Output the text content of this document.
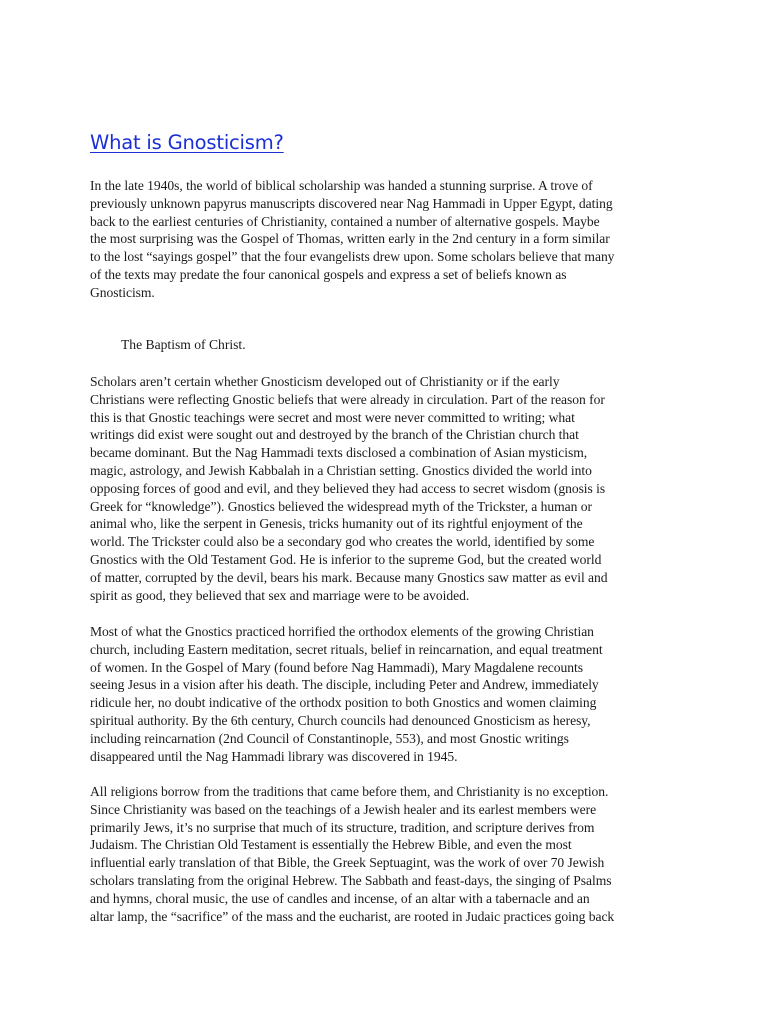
What is Gnosticism?
In the late 1940s, the world of biblical scholarship was handed a stunning surprise. A trove of
previously unknown papyrus manuscripts discovered near Nag Hammadi in Upper Egypt, dating
back to the earliest centuries of Christianity, contained a number of alternative gospels. Maybe
the most surprising was the Gospel of Thomas, written early in the 2nd century in a form similar
to the lost “sayings gospel” that the four evangelists drew upon. Some scholars believe that many
of the texts may predate the four canonical gospels and express a set of beliefs known as
Gnosticism.

The Baptism of Christ.

Scholars aren’t certain whether Gnosticism developed out of Christianity or if the early
Christians were reflecting Gnostic beliefs that were already in circulation. Part of the reason for
this is that Gnostic teachings were secret and most were never committed to writing; what
writings did exist were sought out and destroyed by the branch of the Christian church that
became dominant. But the Nag Hammadi texts disclosed a combination of Asian mysticism,
magic, astrology, and Jewish Kabbalah in a Christian setting. Gnostics divided the world into
opposing forces of good and evil, and they believed they had access to secret wisdom (gnosis is
Greek for “knowledge”). Gnostics believed the widespread myth of the Trickster, a human or
animal who, like the serpent in Genesis, tricks humanity out of its rightful enjoyment of the
world. The Trickster could also be a secondary god who creates the world, identified by some
Gnostics with the Old Testament God. He is inferior to the supreme God, but the created world
of matter, corrupted by the devil, bears his mark. Because many Gnostics saw matter as evil and
spirit as good, they believed that sex and marriage were to be avoided.
Most of what the Gnostics practiced horrified the orthodox elements of the growing Christian
church, including Eastern meditation, secret rituals, belief in reincarnation, and equal treatment
of women. In the Gospel of Mary (found before Nag Hammadi), Mary Magdalene recounts
seeing Jesus in a vision after his death. The disciple, including Peter and Andrew, immediately
ridicule her, no doubt indicative of the orthodx position to both Gnostics and women claiming
spiritual authority. By the 6th century, Church councils had denounced Gnosticism as heresy,
including reincarnation (2nd Council of Constantinople, 553), and most Gnostic writings
disappeared until the Nag Hammadi library was discovered in 1945.
All religions borrow from the traditions that came before them, and Christianity is no exception.
Since Christianity was based on the teachings of a Jewish healer and its earlest members were
primarily Jews, it’s no surprise that much of its structure, tradition, and scripture derives from
Judaism. The Christian Old Testament is essentially the Hebrew Bible, and even the most
influential early translation of that Bible, the Greek Septuagint, was the work of over 70 Jewish
scholars translating from the original Hebrew. The Sabbath and feast-days, the singing of Psalms
and hymns, choral music, the use of candles and incense, of an altar with a tabernacle and an
altar lamp, the “sacrifice” of the mass and the eucharist, are rooted in Judaic practices going back
